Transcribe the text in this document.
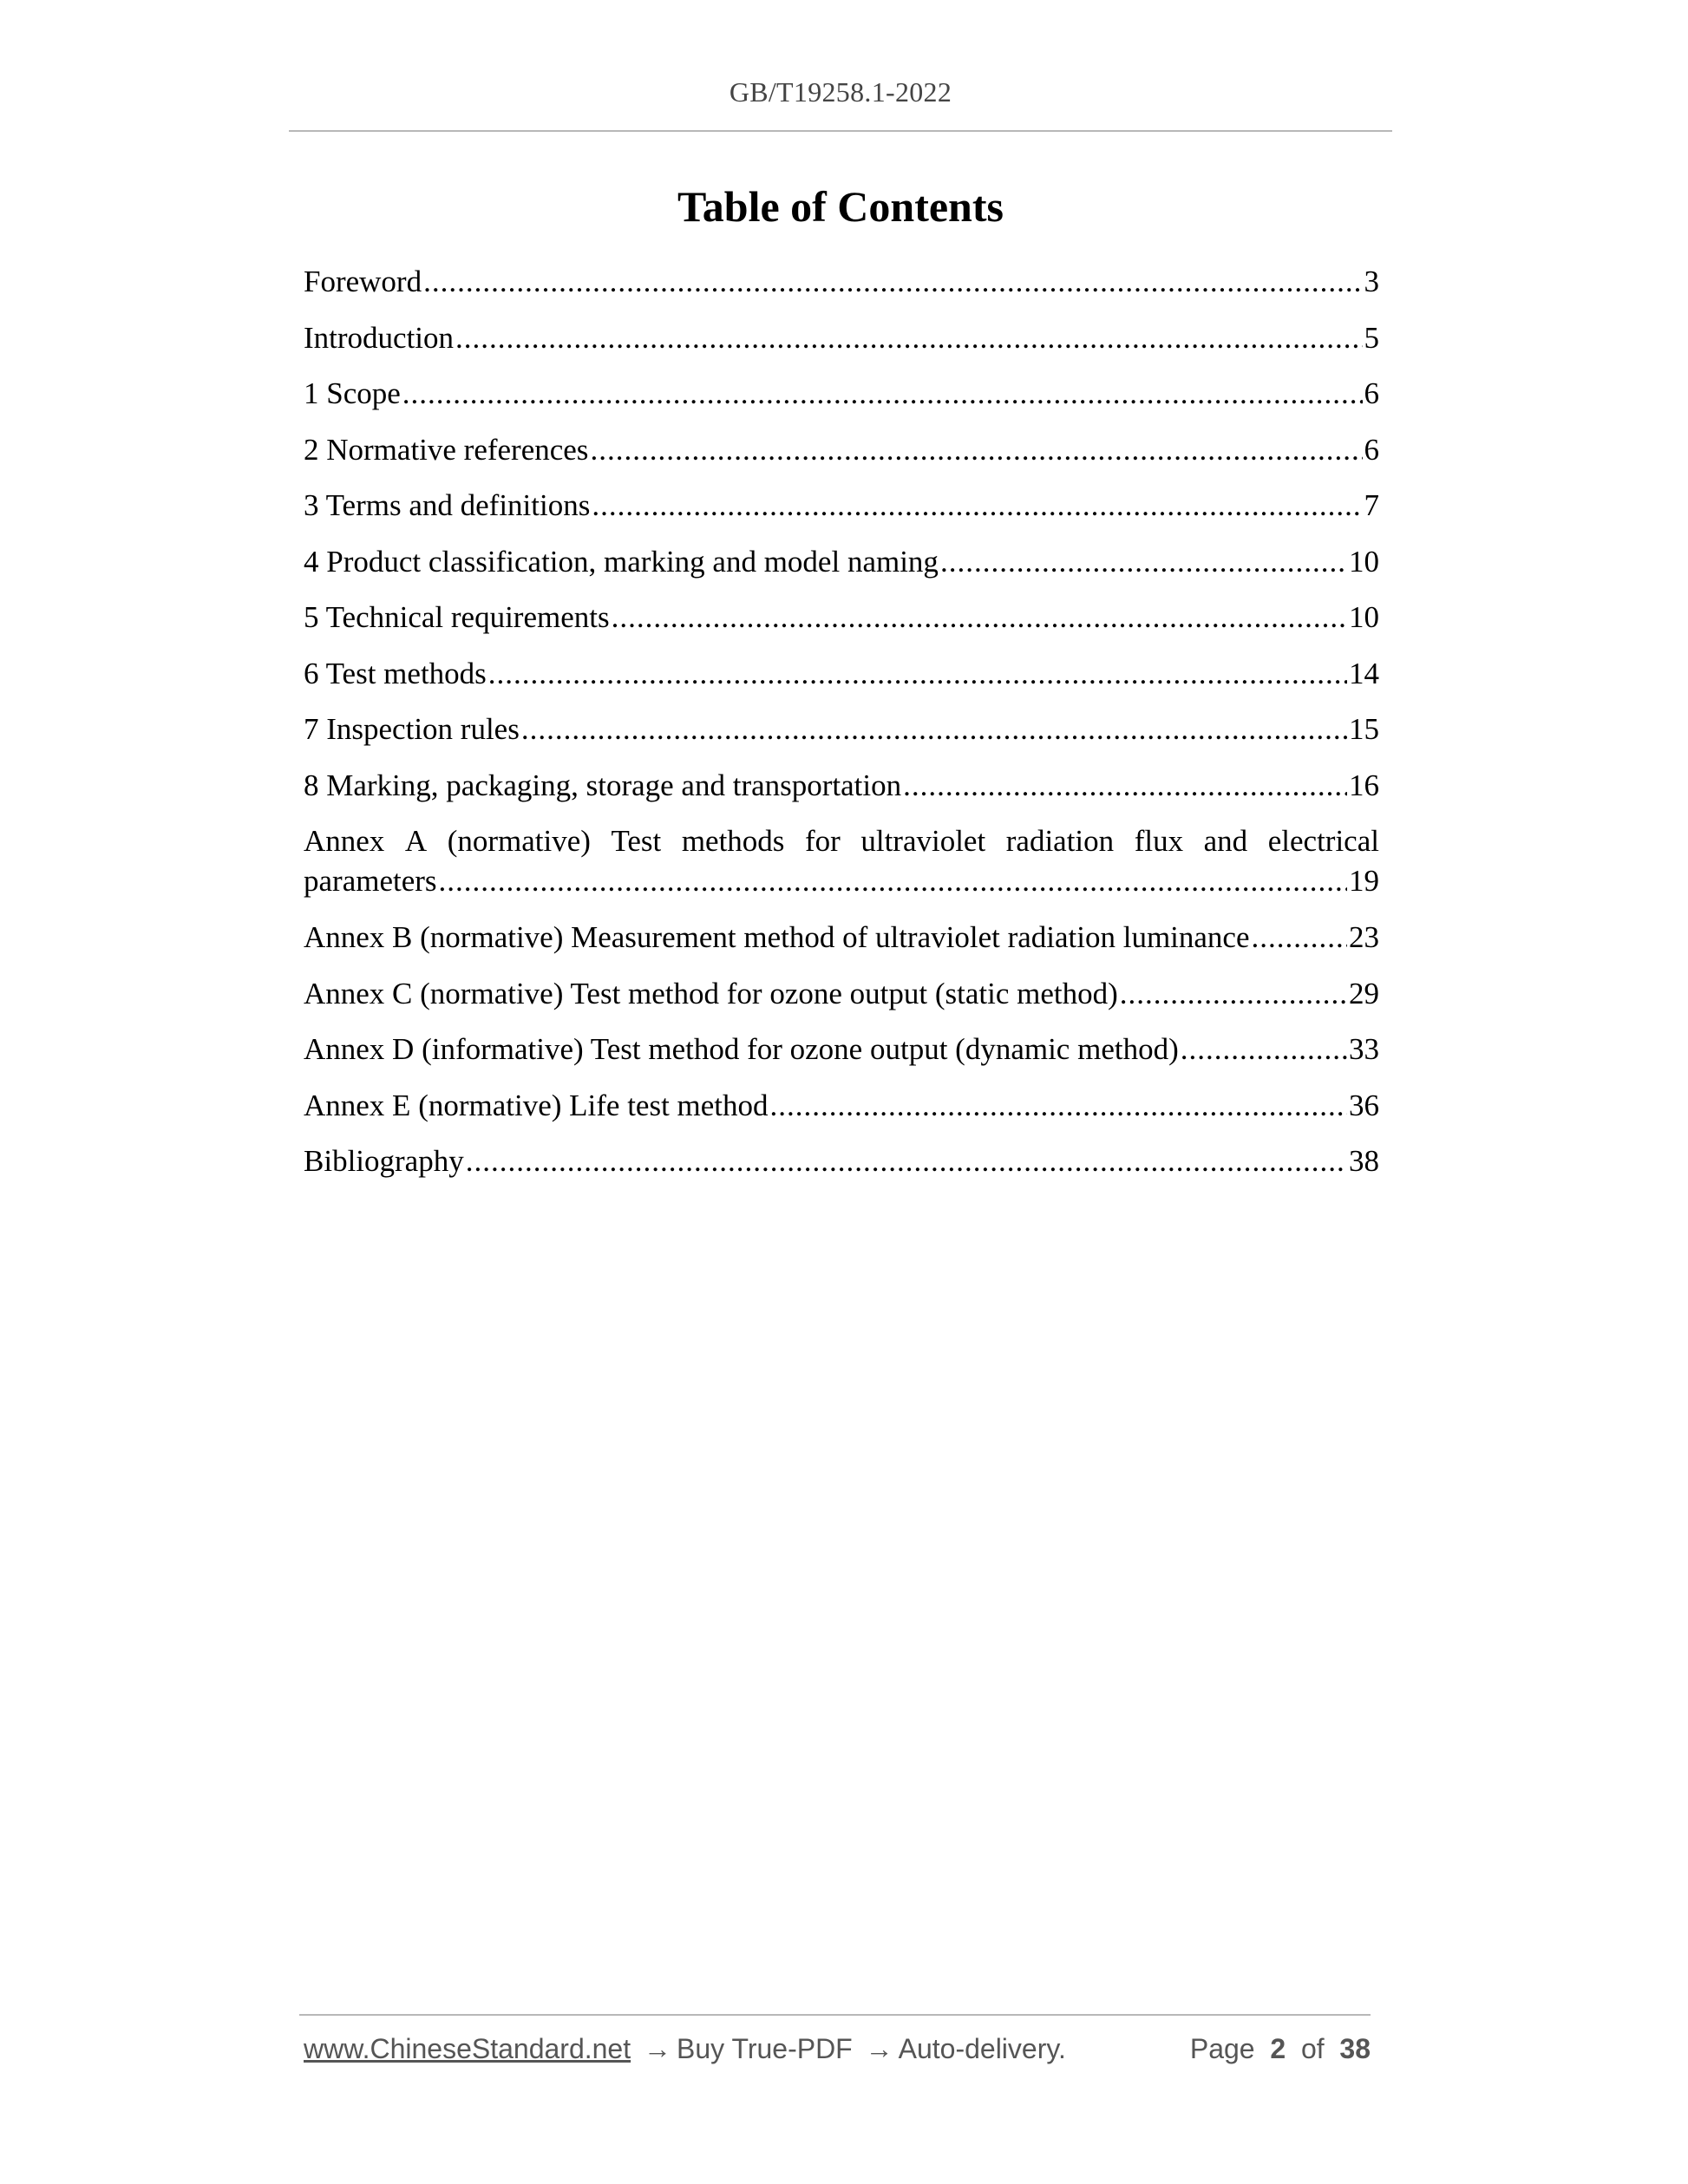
GB/T19258.1-2022
Table of Contents
Foreword .....	3
Introduction .....	5
1 Scope .....	6
2 Normative references .....	6
3 Terms and definitions .....	7
4 Product classification, marking and model naming .....	10
5 Technical requirements .....	10
6 Test methods .....	14
7 Inspection rules .....	15
8 Marking, packaging, storage and transportation .....	16
Annex A (normative) Test methods for ultraviolet radiation flux and electrical
parameters .....	19
Annex B (normative) Measurement method of ultraviolet radiation luminance .....	23
Annex C (normative) Test method for ozone output (static method) .....	29
Annex D (informative) Test method for ozone output (dynamic method) .....	33
Annex E (normative) Life test method .....	36
Bibliography .....	38
www.ChineseStandard.net → Buy True-PDF → Auto-delivery.	Page 2 of 38
